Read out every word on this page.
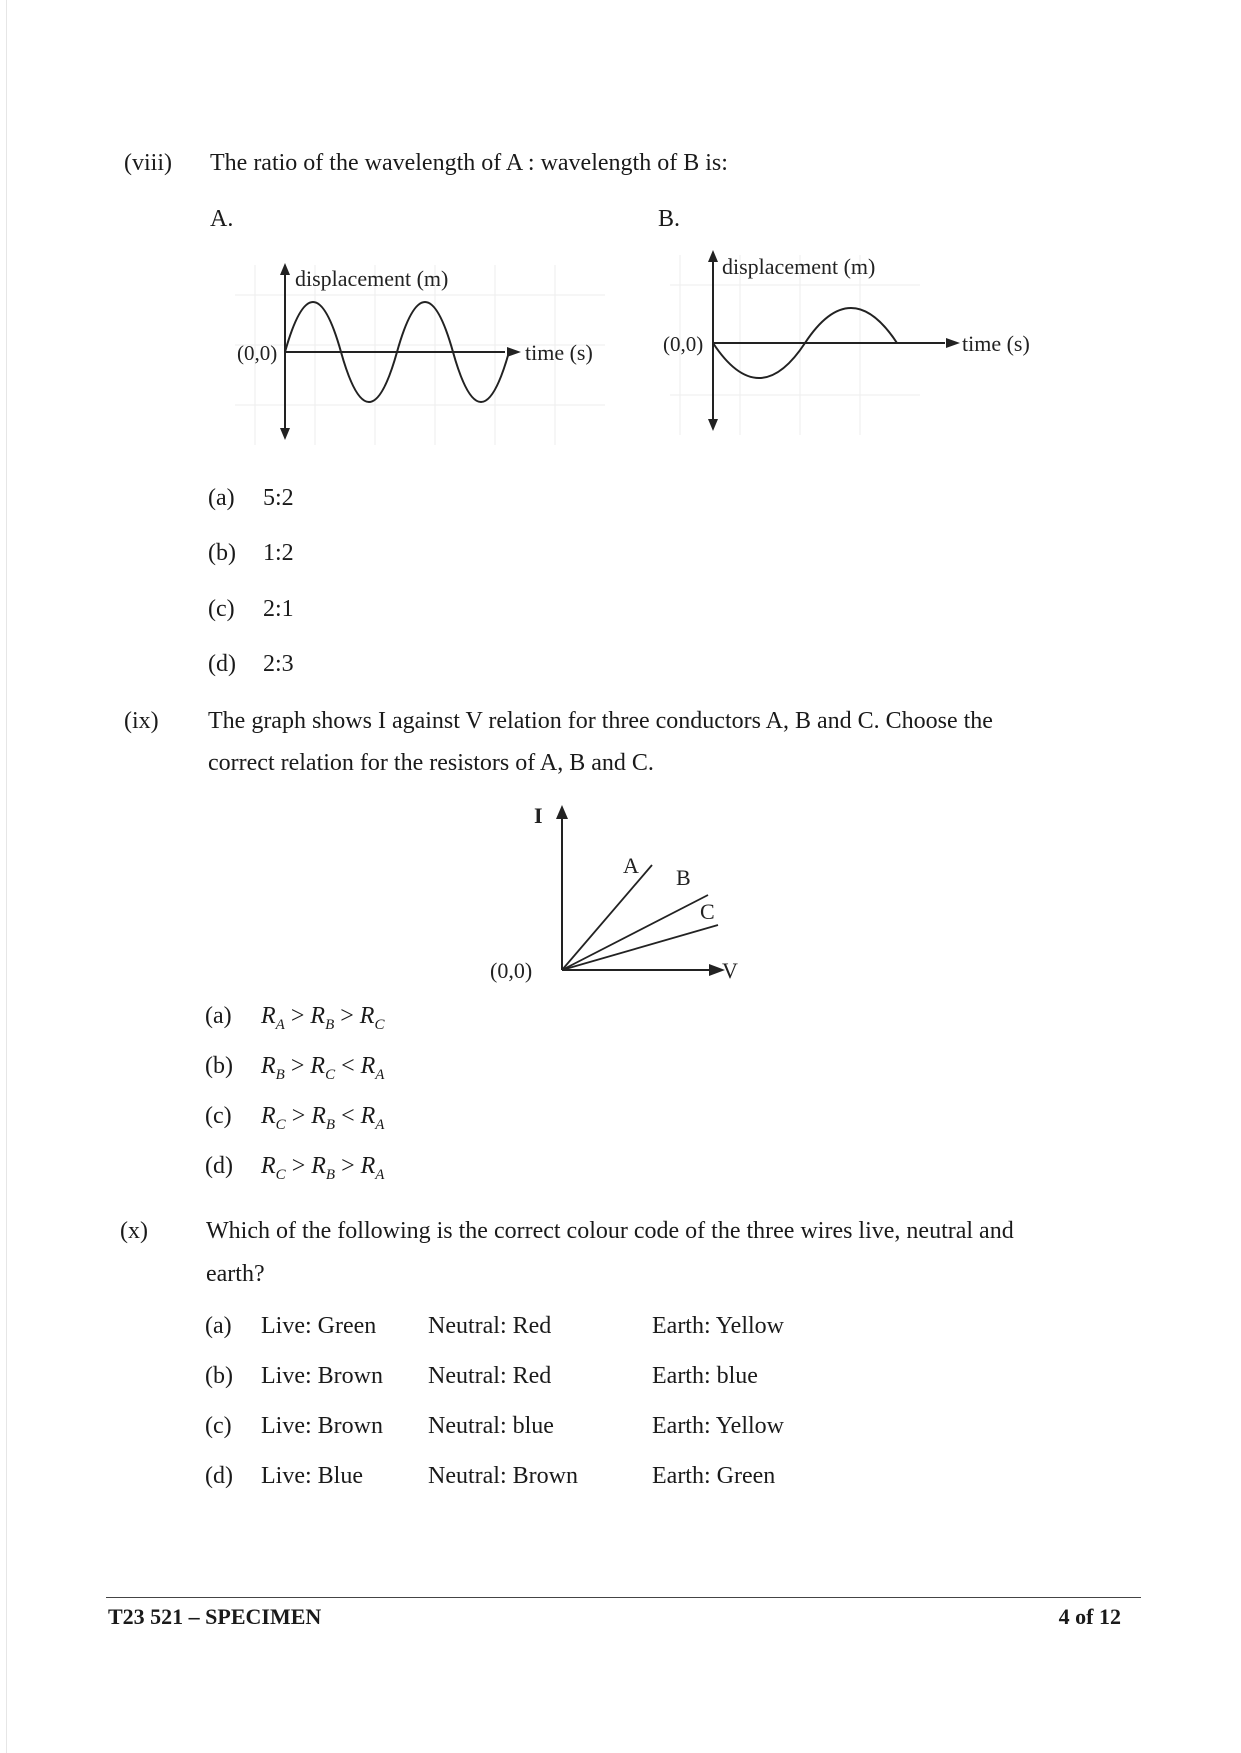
(viii) The ratio of the wavelength of A : wavelength of B is:
A.	B.
displacement (m)
time (s)
(0,0)
displacement (m)
time (s)
(0,0)
(a) 5:2
(b) 1:2
(c) 2:1
(d) 2:3
(ix) The graph shows I against V relation for three conductors A, B and C. Choose the
correct relation for the resistors of A, B and C.
I
V
(0,0)
A B
C
(a) $R_A > R_B > R_C$
(b) $R_B > R_C < R_A$
(c) $R_C > R_B < R_A$
(d) $R_C > R_B > R_A$
(x) Which of the following is the correct colour code of the three wires live, neutral and
earth?
(a) Live: Green Neutral: Red	Earth: Yellow
(b) Live: Brown Neutral: Red	Earth: blue
(c) Live: Brown Neutral: blue	Earth: Yellow
(d) Live: Blue	Neutral: Brown	Earth: Green
T23 521 – SPECIMEN	4 of 12
